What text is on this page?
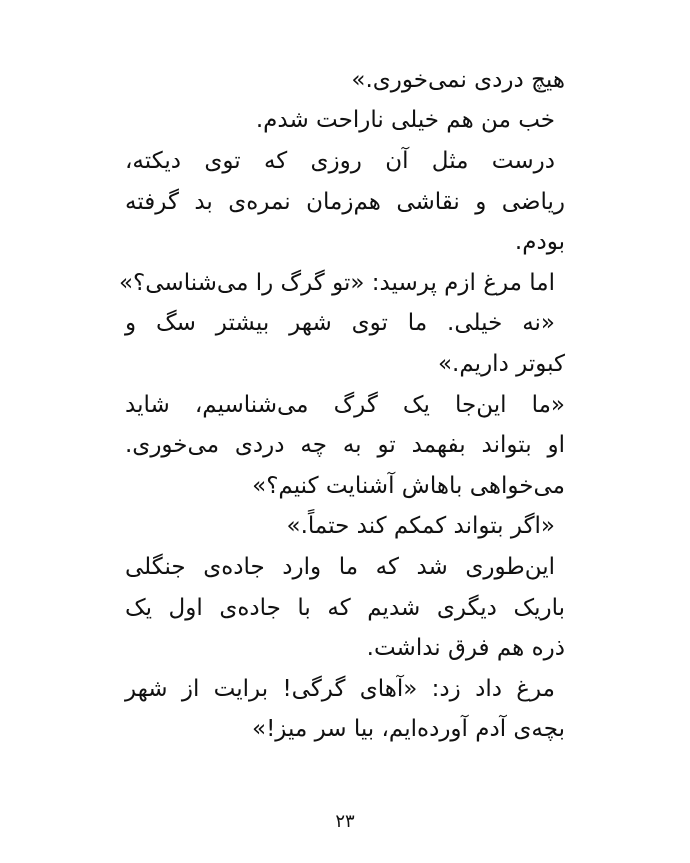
هیچ دردی نمی‌خوری.»
خب من هم خیلی ناراحت شدم.
درست مثل آن روزی که توی دیکته،
ریاضی و نقاشی هم‌زمان نمره‌ی بد گرفته
بودم.
اما مرغ ازم پرسید: «تو گرگ را می‌شناسی؟»
«نه خیلی. ما توی شهر بیشتر سگ و
کبوتر داریم.»
«ما این‌جا یک گرگ می‌شناسیم، شاید
او بتواند بفهمد تو به چه دردی می‌خوری.
می‌خواهی باهاش آشنایت کنیم؟»
«اگر بتواند کمکم کند حتماً.»
این‌طوری شد که ما وارد جاده‌ی جنگلی
باریک دیگری شدیم که با جاده‌ی اول یک
ذره هم فرق نداشت.
مرغ داد زد: «آهای گرگی! برایت از شهر
بچه‌ی آدم آورده‌ایم، بیا سر میز!»
۲۳
